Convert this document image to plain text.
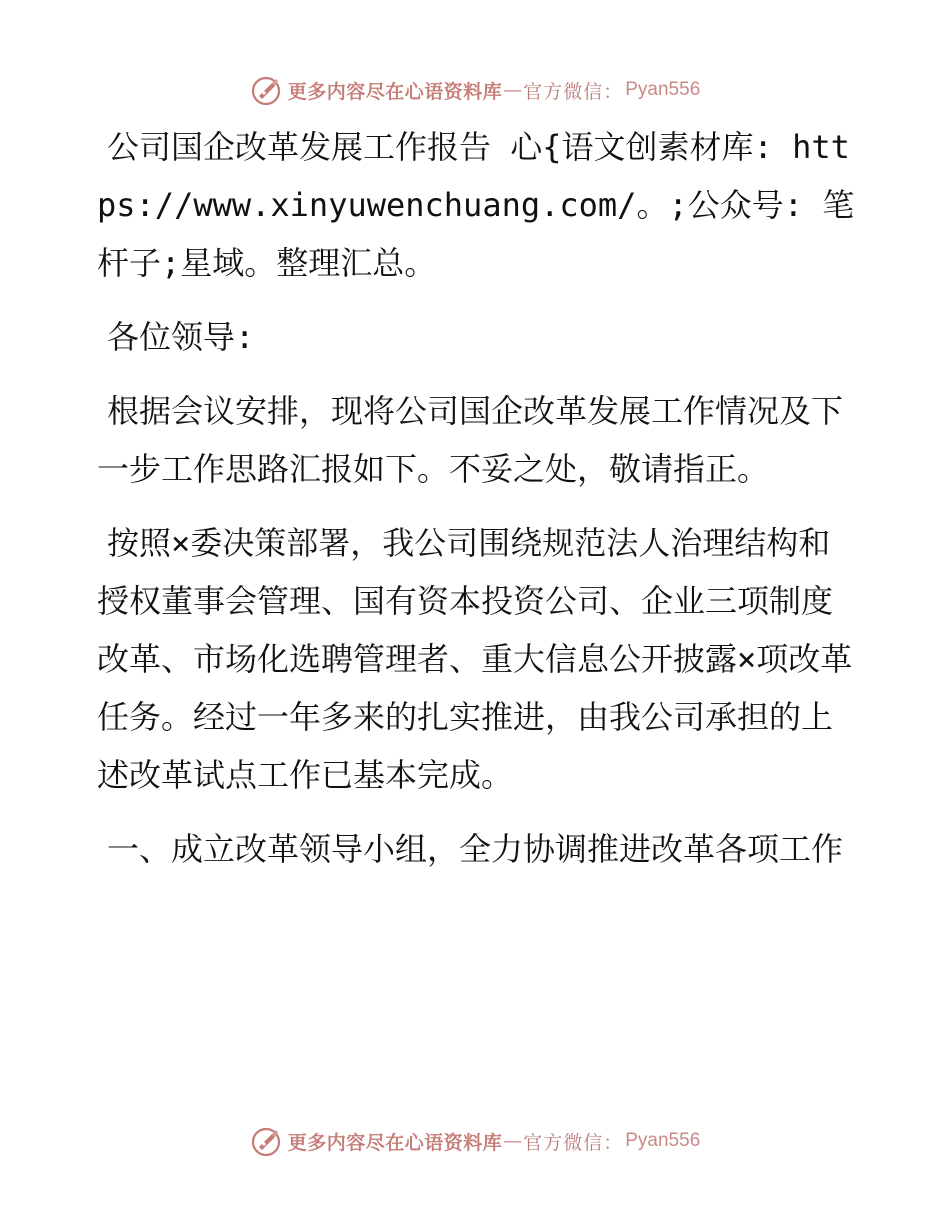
更多内容尽在心语资料库 — 官方微信： Pyan556

公司国企改革发展工作报告 心{语文创素材库: https://www.xinyuwenchuang.com/。;公众号: 笔杆子;星域。整理汇总。

各位领导:

根据会议安排，现将公司国企改革发展工作情况及下一步工作思路汇报如下。不妥之处，敬请指正。

按照×委决策部署，我公司围绕规范法人治理结构和授权董事会管理、国有资本投资公司、企业三项制度改革、市场化选聘管理者、重大信息公开披露×项改革任务。经过一年多来的扎实推进，由我公司承担的上述改革试点工作已基本完成。

一、成立改革领导小组，全力协调推进改革各项工作

更多内容尽在心语资料库 — 官方微信： Pyan556
